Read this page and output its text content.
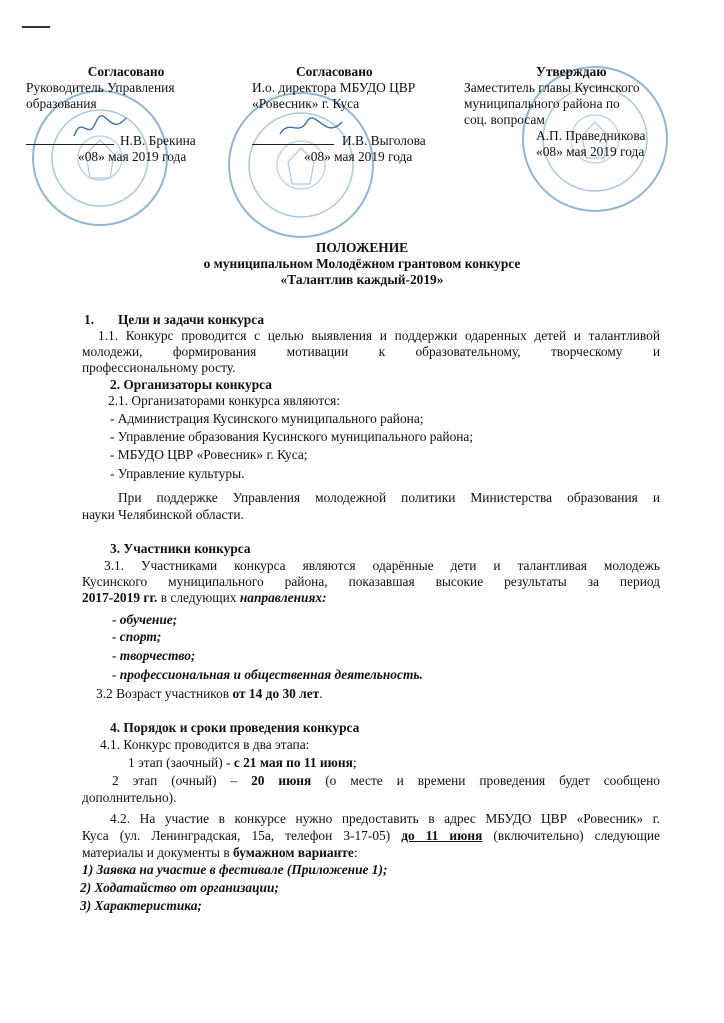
Согласовано
Руководитель Управления
образования
Н.В. Брекина
«08» мая 2019 года
Согласовано
И.о. директора МБУДО ЦВР
«Ровесник» г. Куса
И.В. Выголова
«08» мая 2019 года
Утверждаю
Заместитель главы Кусинского
муниципального района по
соц. вопросам
А.П. Праведникова
«08» мая 2019 года
ПОЛОЖЕНИЕ
о муниципальном Молодёжном грантовом конкурсе
«Талантлив каждый-2019»
1. Цели и задачи конкурса
1.1. Конкурс проводится с целью выявления и поддержки одаренных детей и талантливой
молодежи, формирования мотивации к образовательному, творческому и
профессиональному росту.
2. Организаторы конкурса
2.1. Организаторами конкурса являются:
- Администрация Кусинского муниципального района;
- Управление образования Кусинского муниципального района;
- МБУДО ЦВР «Ровесник» г. Куса;
- Управление культуры.
При поддержке Управления молодежной политики Министерства образования и
науки Челябинской области.
3. Участники конкурса
3.1. Участниками конкурса являются одарённые дети и талантливая молодежь
Кусинского муниципального района, показавшая высокие результаты за период
2017-2019 гг. в следующих направлениях:
- обучение;
- спорт;
- творчество;
- профессиональная и общественная деятельность.
3.2 Возраст участников от 14 до 30 лет.
4. Порядок и сроки проведения конкурса
4.1. Конкурс проводится в два этапа:
1 этап (заочный) - с 21 мая по 11 июня;
2 этап (очный) – 20 июня (о месте и времени проведения будет сообщено
дополнительно).
4.2. На участие в конкурсе нужно предоставить в адрес МБУДО ЦВР «Ровесник» г.
Куса (ул. Ленинградская, 15а, телефон 3-17-05) до 11 июня (включительно) следующие
материалы и документы в бумажном варианте:
1) Заявка на участие в фестивале (Приложение 1);
2) Ходатайство от организации;
3) Характеристика;
